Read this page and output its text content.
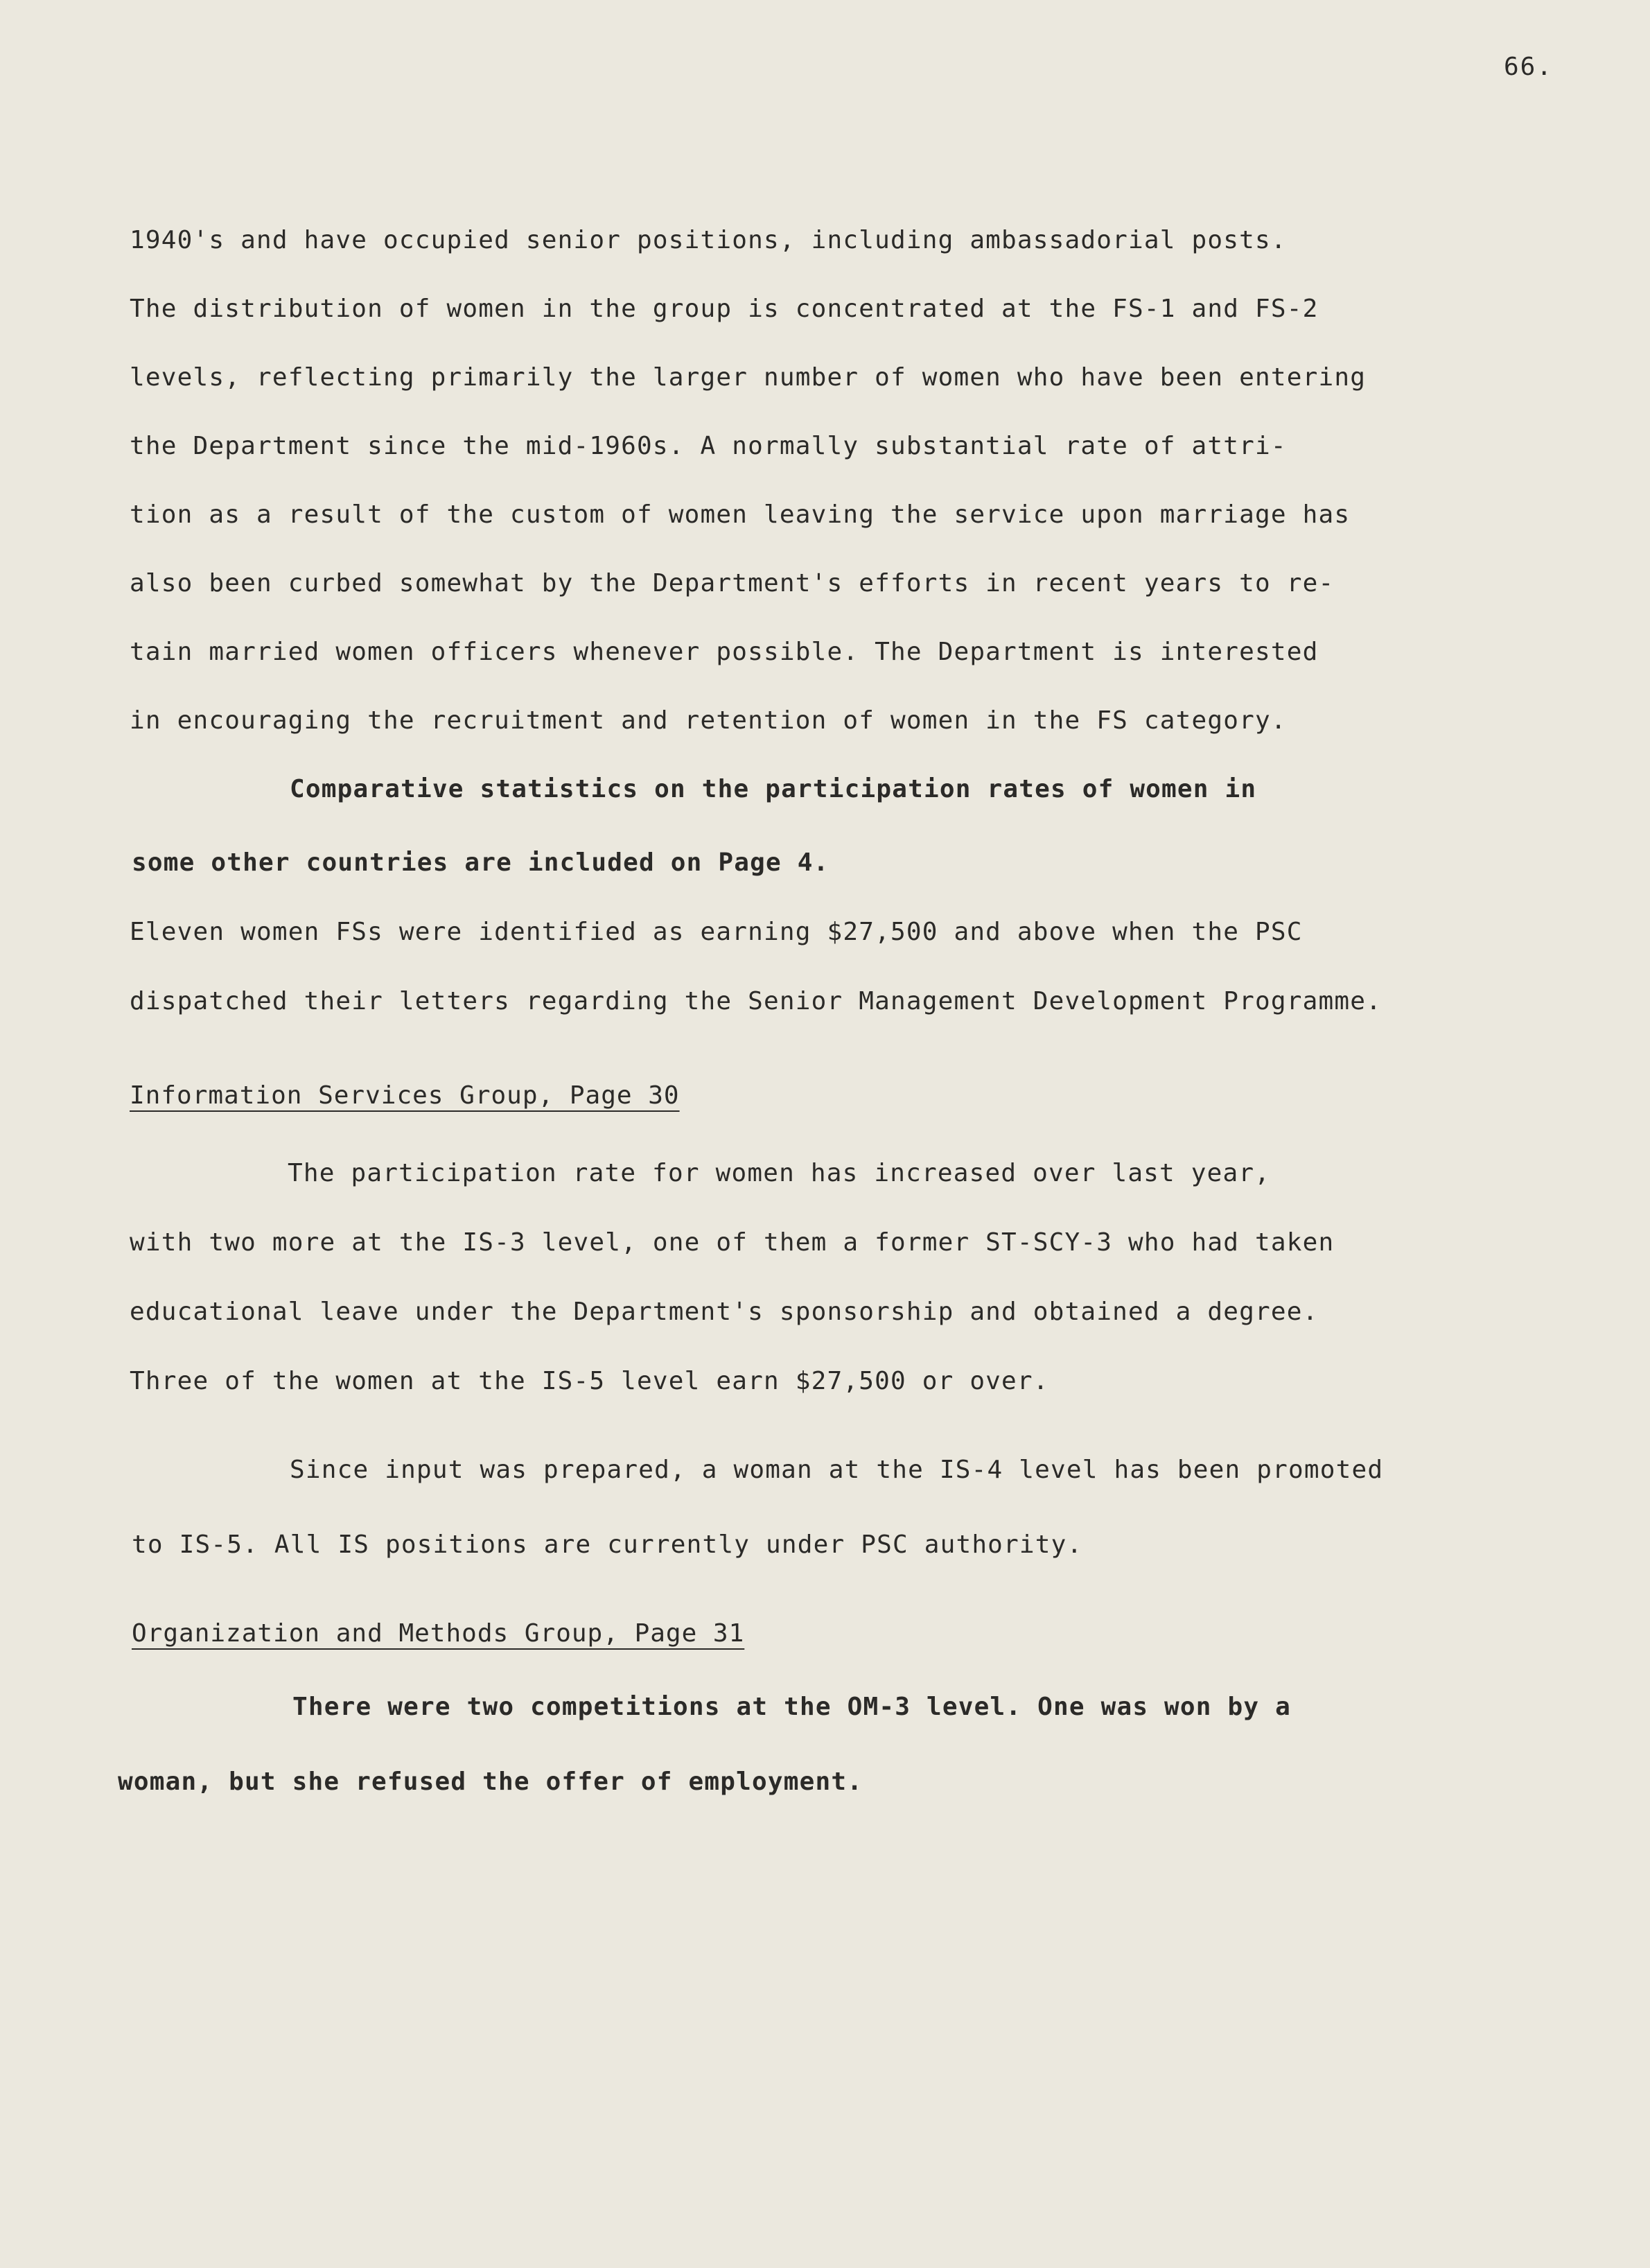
66.
1940's and have occupied senior positions, including ambassadorial posts.
The distribution of women in the group is concentrated at the FS-1 and FS-2
levels, reflecting primarily the larger number of women who have been entering
the Department since the mid-1960s. A normally substantial rate of attri-
tion as a result of the custom of women leaving the service upon marriage has
also been curbed somewhat by the Department's efforts in recent years to re-
tain married women officers whenever possible. The Department is interested
in encouraging the recruitment and retention of women in the FS category.
Comparative statistics on the participation rates of women in
some other countries are included on Page 4.
Eleven women FSs were identified as earning $27,500 and above when the PSC
dispatched their letters regarding the Senior Management Development Programme.
Information Services Group, Page 30
The participation rate for women has increased over last year,
with two more at the IS-3 level, one of them a former ST-SCY-3 who had taken
educational leave under the Department's sponsorship and obtained a degree.
Three of the women at the IS-5 level earn $27,500 or over.
Since input was prepared, a woman at the IS-4 level has been promoted
to IS-5. All IS positions are currently under PSC authority.
Organization and Methods Group, Page 31
There were two competitions at the OM-3 level. One was won by a
woman, but she refused the offer of employment.
